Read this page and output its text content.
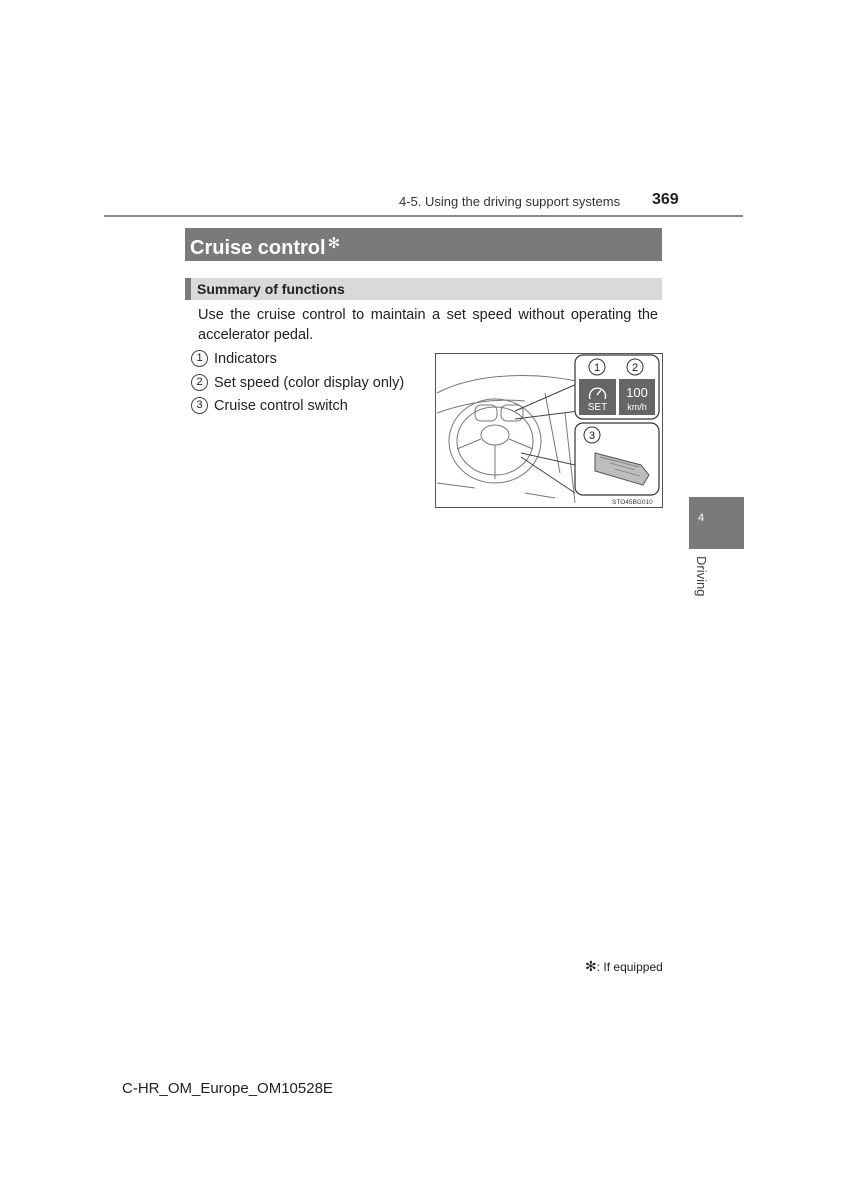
4-5. Using the driving support systems 369
Cruise control ✻
Summary of functions
Use the cruise control to maintain a set speed without operating the accelerator pedal.
1 Indicators
2 Set speed (color display only)
3 Cruise control switch	SET
100
km/h
1	2
3
STO45BG010
4
Driving
✻: If equipped
C-HR_OM_Europe_OM10528E
